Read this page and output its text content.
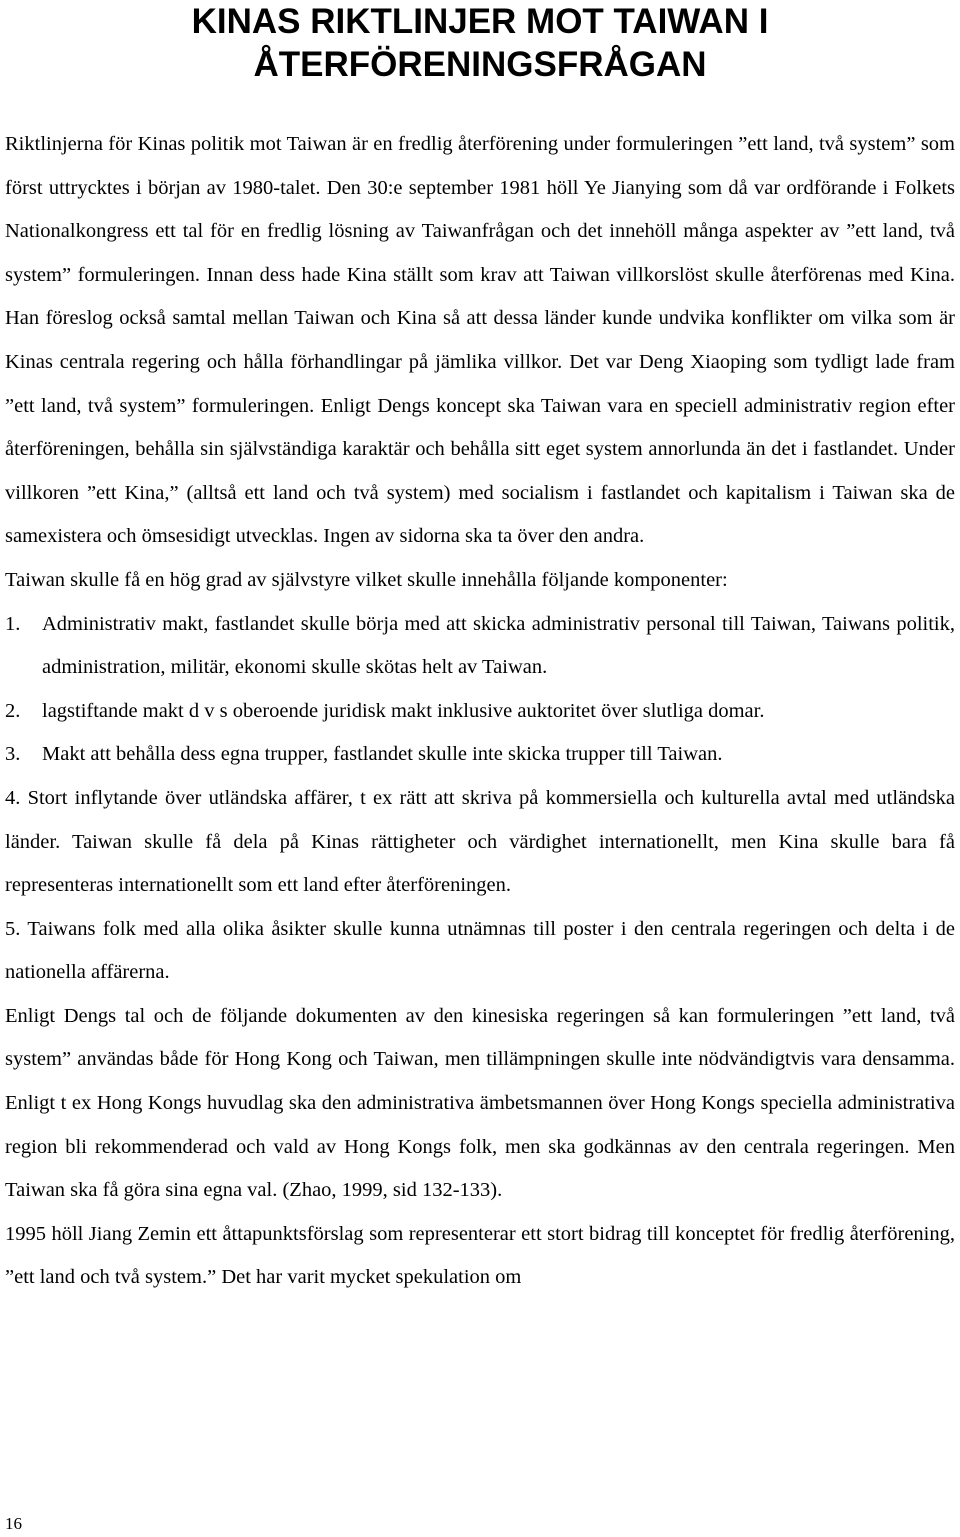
KINAS RIKTLINJER MOT TAIWAN I
ÅTERFÖRENINGSFRÅGAN

Riktlinjerna för Kinas politik mot Taiwan är en fredlig återförening under formuleringen ”ett land, två system” som först uttrycktes i början av 1980-talet. Den 30:e september 1981 höll Ye Jianying som då var ordförande i Folkets Nationalkongress ett tal för en fredlig lösning av Taiwanfrågan och det innehöll många aspekter av ”ett land, två system” formuleringen. Innan dess hade Kina ställt som krav att Taiwan villkorslöst skulle återförenas med Kina. Han föreslog också samtal mellan Taiwan och Kina så att dessa länder kunde undvika konflikter om vilka som är Kinas centrala regering och hålla förhandlingar på jämlika villkor. Det var Deng Xiaoping som tydligt lade fram ”ett land, två system” formuleringen. Enligt Dengs koncept ska Taiwan vara en speciell administrativ region efter återföreningen, behålla sin självständiga karaktär och behålla sitt eget system annorlunda än det i fastlandet. Under villkoren ”ett Kina,” (alltså ett land och två system) med socialism i fastlandet och kapitalism i Taiwan ska de samexistera och ömsesidigt utvecklas. Ingen av sidorna ska ta över den andra.

Taiwan skulle få en hög grad av självstyre vilket skulle innehålla följande komponenter:

1.	Administrativ makt, fastlandet skulle börja med att skicka administrativ personal till Taiwan, Taiwans politik, administration, militär, ekonomi skulle skötas helt av Taiwan.
2.	lagstiftande makt d v s oberoende juridisk makt inklusive auktoritet över slutliga domar.
3.	Makt att behålla dess egna trupper, fastlandet skulle inte skicka trupper till Taiwan.

4. Stort inflytande över utländska affärer, t ex rätt att skriva på kommersiella och kulturella avtal med utländska länder. Taiwan skulle få dela på Kinas rättigheter och värdighet internationellt, men Kina skulle bara få representeras internationellt som ett land efter återföreningen.

5. Taiwans folk med alla olika åsikter skulle kunna utnämnas till poster i den centrala regeringen och delta i de nationella affärerna.

Enligt Dengs tal och de följande dokumenten av den kinesiska regeringen så kan formuleringen ”ett land, två system” användas både för Hong Kong och Taiwan, men tillämpningen skulle inte nödvändigtvis vara densamma. Enligt t ex Hong Kongs huvudlag ska den administrativa ämbetsmannen över Hong Kongs speciella administrativa region bli rekommenderad och vald av Hong Kongs folk, men ska godkännas av den centrala regeringen. Men Taiwan ska få göra sina egna val. (Zhao, 1999, sid 132-133).

1995 höll Jiang Zemin ett åttapunktsförslag som representerar ett stort bidrag till konceptet för fredlig återförening, ”ett land och två system.” Det har varit mycket spekulation om

16
